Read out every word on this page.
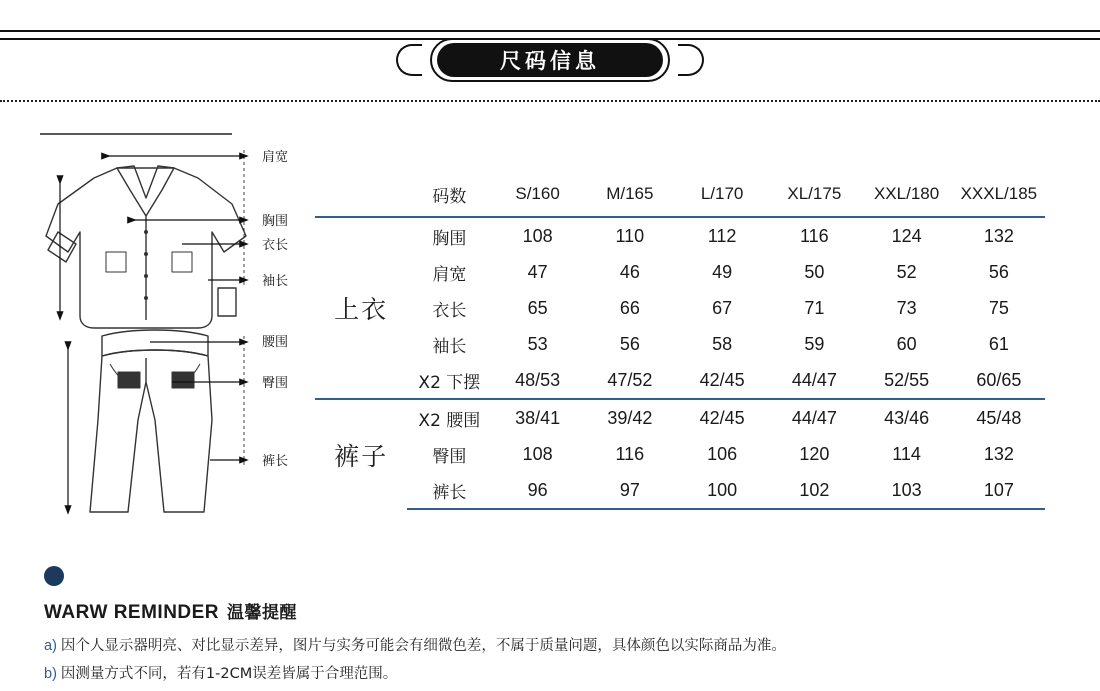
尺码信息
肩宽
胸围
衣长
袖长
腰围
臀围
裤长
	码数	S/160	M/165	L/170	XL/175	XXL/180	XXXL/185
上衣	胸围	108	110	112	116	124	132
	肩宽	47	46	49	50	52	56
	衣长	65	66	67	71	73	75
	袖长	53	56	58	59	60	61
	X2 下摆	48/53	47/52	42/45	44/47	52/55	60/65
裤子	X2 腰围	38/41	39/42	42/45	44/47	43/46	45/48
	臀围	108	116	106	120	114	132
	裤长	96	97	100	102	103	107
WARW REMINDER 温馨提醒
a) 因个人显示器明亮、对比显示差异，图片与实务可能会有细微色差，不属于质量问题，具体颜色以实际商品为准。
b) 因测量方式不同，若有1-2CM误差皆属于合理范围。
